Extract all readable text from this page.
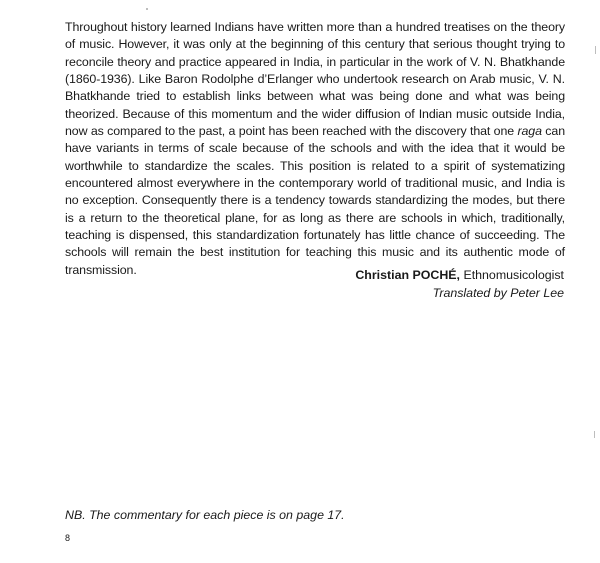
Throughout history learned Indians have written more than a hundred treatises on the theory of music. However, it was only at the beginning of this century that serious thought trying to reconcile theory and practice appeared in India, in particular in the work of V. N. Bhatkhande (1860-1936). Like Baron Rodolphe d’Erlanger who undertook research on Arab music, V. N. Bhatkhande tried to establish links between what was being done and what was being theorized. Because of this momentum and the wider diffusion of Indian music outside India, now as compared to the past, a point has been reached with the discovery that one raga can have variants in terms of scale because of the schools and with the idea that it would be worthwhile to standardize the scales. This position is related to a spirit of systematizing encountered almost everywhere in the contemporary world of traditional music, and India is no exception. Consequently there is a tendency towards standardizing the modes, but there is a return to the theoretical plane, for as long as there are schools in which, traditionally, teaching is dispensed, this standardization fortunately has little chance of succeeding. The schools will remain the best institution for teaching this music and its authentic mode of transmission.	Christian POCHÉ, Ethnomusicologist
Translated by Peter Lee
NB. The commentary for each piece is on page 17.
8
